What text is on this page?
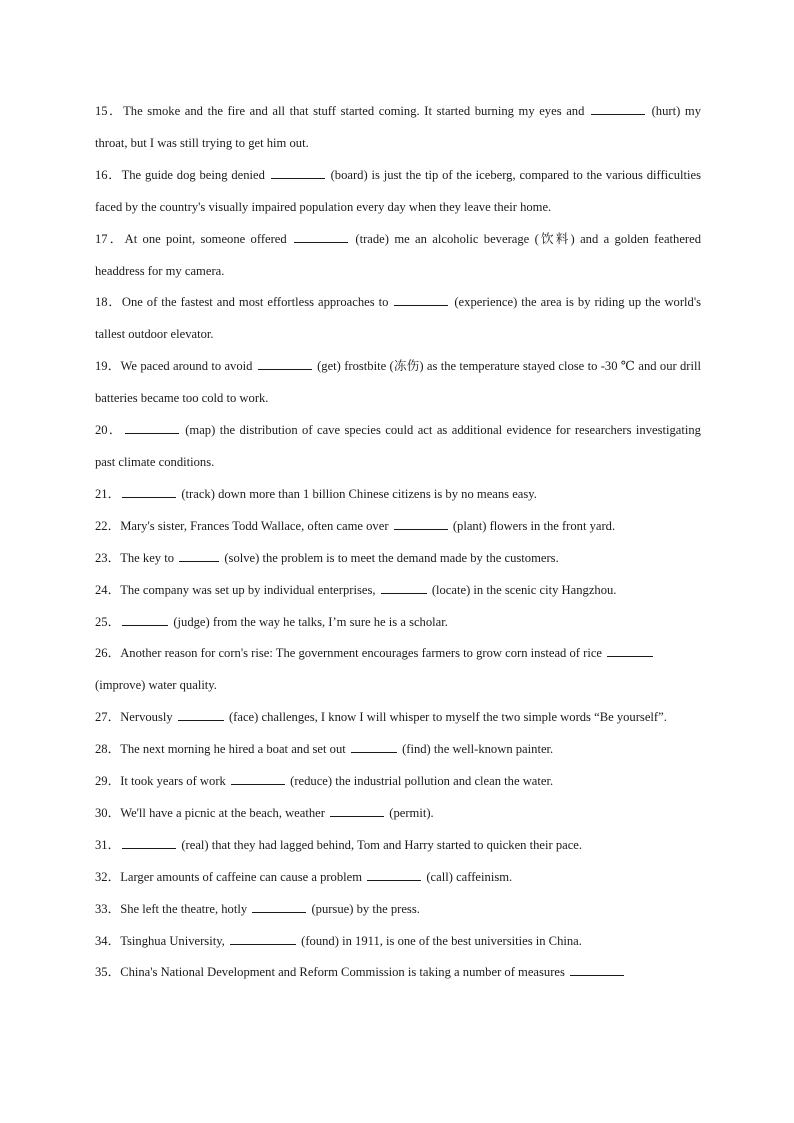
15．The smoke and the fire and all that stuff started coming. It started burning my eyes and	(hurt) my throat, but I was still trying to get him out.
16．The guide dog being denied	(board) is just the tip of the iceberg, compared to the various difficulties faced by the country's visually impaired population every day when they leave their home.
17．At one point, someone offered	(trade) me an alcoholic beverage (饮料) and a golden feathered headdress for my camera.
18．One of the fastest and most effortless approaches to	(experience) the area is by riding up the world's tallest outdoor elevator.
19．We paced around to avoid	(get) frostbite (冻伤) as the temperature stayed close to -30 ℃ and our drill batteries became too cold to work.
20．	(map) the distribution of cave species could act as additional evidence for researchers investigating past climate conditions.
21．	(track) down more than 1 billion Chinese citizens is by no means easy.
22．Mary's sister, Frances Todd Wallace, often came over	(plant) flowers in the front yard.
23．The key to	(solve) the problem is to meet the demand made by the customers.
24．The company was set up by individual enterprises,	(locate) in the scenic city Hangzhou.
25．	(judge) from the way he talks, I’m sure he is a scholar.
26．Another reason for corn's rise: The government encourages farmers to grow corn instead of rice
(improve) water quality.
27．Nervously	(face) challenges, I know I will whisper to myself the two simple words “Be yourself”.
28．The next morning he hired a boat and set out	(find) the well-known painter.
29．It took years of work	(reduce) the industrial pollution and clean the water.
30．We'll have a picnic at the beach, weather	(permit).
31．	(real) that they had lagged behind, Tom and Harry started to quicken their pace.
32．Larger amounts of caffeine can cause a problem	(call) caffeinism.
33．She left the theatre, hotly	(pursue) by the press.
34．Tsinghua University,	(found) in 1911, is one of the best universities in China.
35．China's National Development and Reform Commission is taking a number of measures
